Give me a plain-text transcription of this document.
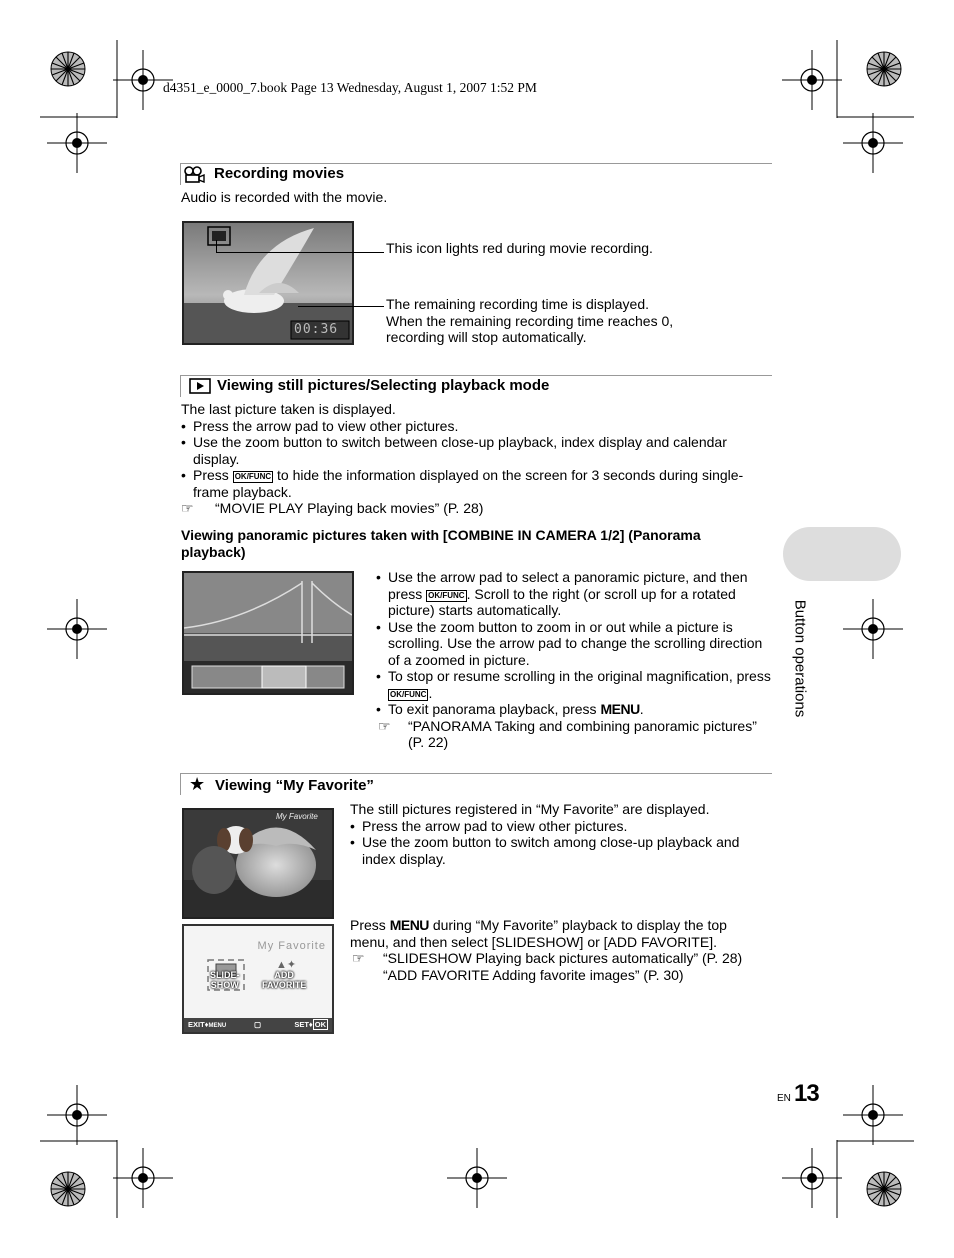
d4351_e_0000_7.book Page 13 Wednesday, August 1, 2007 1:52 PM
Button operations
Recording movies
Audio is recorded with the movie.
00:36
This icon lights red during movie recording.
The remaining recording time is displayed.
When the remaining recording time reaches 0,
recording will stop automatically.
Viewing still pictures/Selecting playback mode
The last picture taken is displayed.
• Press the arrow pad to view other pictures.
• Use the zoom button to switch between close-up playback, index display and calendar display.
• Press OK/FUNC to hide the information displayed on the screen for 3 seconds during single-frame playback.
☞ “MOVIE PLAY Playing back movies” (P. 28)
Viewing panoramic pictures taken with [COMBINE IN CAMERA 1/2] (Panorama playback)
• Use the arrow pad to select a panoramic picture, and then press OK/FUNC . Scroll to the right (or scroll up for a rotated picture) starts automatically.
• Use the zoom button to zoom in or out while a picture is scrolling. Use the arrow pad to change the scrolling direction of a zoomed in picture.
• To stop or resume scrolling in the original magnification, press OK/FUNC .
• To exit panorama playback, press MENU.
☞ “PANORAMA Taking and combining panoramic pictures” (P. 22)
★ Viewing “My Favorite”
My Favorite The still pictures registered in “My Favorite” are displayed.
• Press the arrow pad to view other pictures.
• Use the zoom button to switch among close-up playback and index display.
My Favorite
SLIDE-
SHOW
▲✦
ADD
FAVORITE
EXIT♦MENU	▢	SET♦ OK
Press MENU during “My Favorite” playback to display the top menu, and then select [SLIDESHOW] or [ADD FAVORITE].
☞ “SLIDESHOW Playing back pictures automatically” (P. 28)
“ADD FAVORITE Adding favorite images” (P. 30)
EN 13
